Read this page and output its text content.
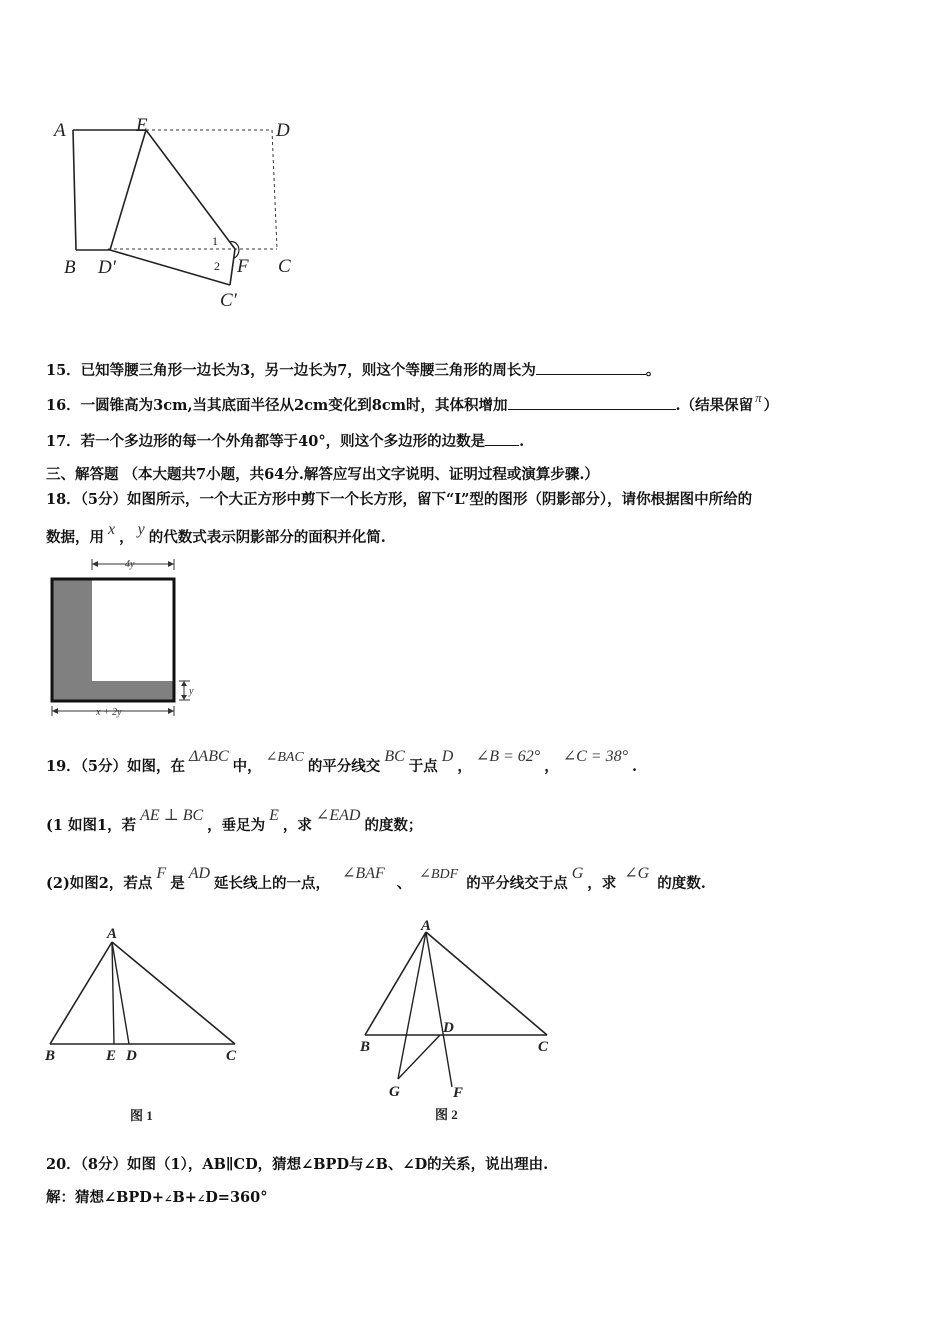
A	E	D
B D′
1
2 F C
C′
15．已知等腰三角形一边长为3，另一边长为7，则这个等腰三角形的周长为	。
16．一圆锥高为3cm,当其底面半径从2cm变化到8cm时，其体积增加	.（结果保留 π ）
17．若一个多边形的每一个外角都等于40°，则这个多边形的边数是 .
三、解答题 （本大题共7小题，共64分.解答应写出文字说明、证明过程或演算步骤.）
18．（5分）如图所示，一个大正方形中剪下一个长方形，留下“L”型的图形（阴影部分），请你根据图中所给的
数据，用 x ， y 的代数式表示阴影部分的面积并化简.
4y
y
x + 2y
19．（5分）如图，在ΔABC中，∠BAC的平分线交BC于点D，∠B = 62°，∠C = 38°.
(1 如图1，若AE ⊥ BC，垂足为E，求∠EAD的度数；
(2)如图2，若点F是AD延长线上的一点，∠BAF、∠BDF的平分线交于点G，求∠G的度数.
A
B	E D	C
图 1
A
B
D
C
G	F
图 2
20．（8分）如图（1），AB∥CD，猜想∠BPD与∠B、∠D的关系，说出理由.
解：猜想∠BPD+∠B+∠D=360°
